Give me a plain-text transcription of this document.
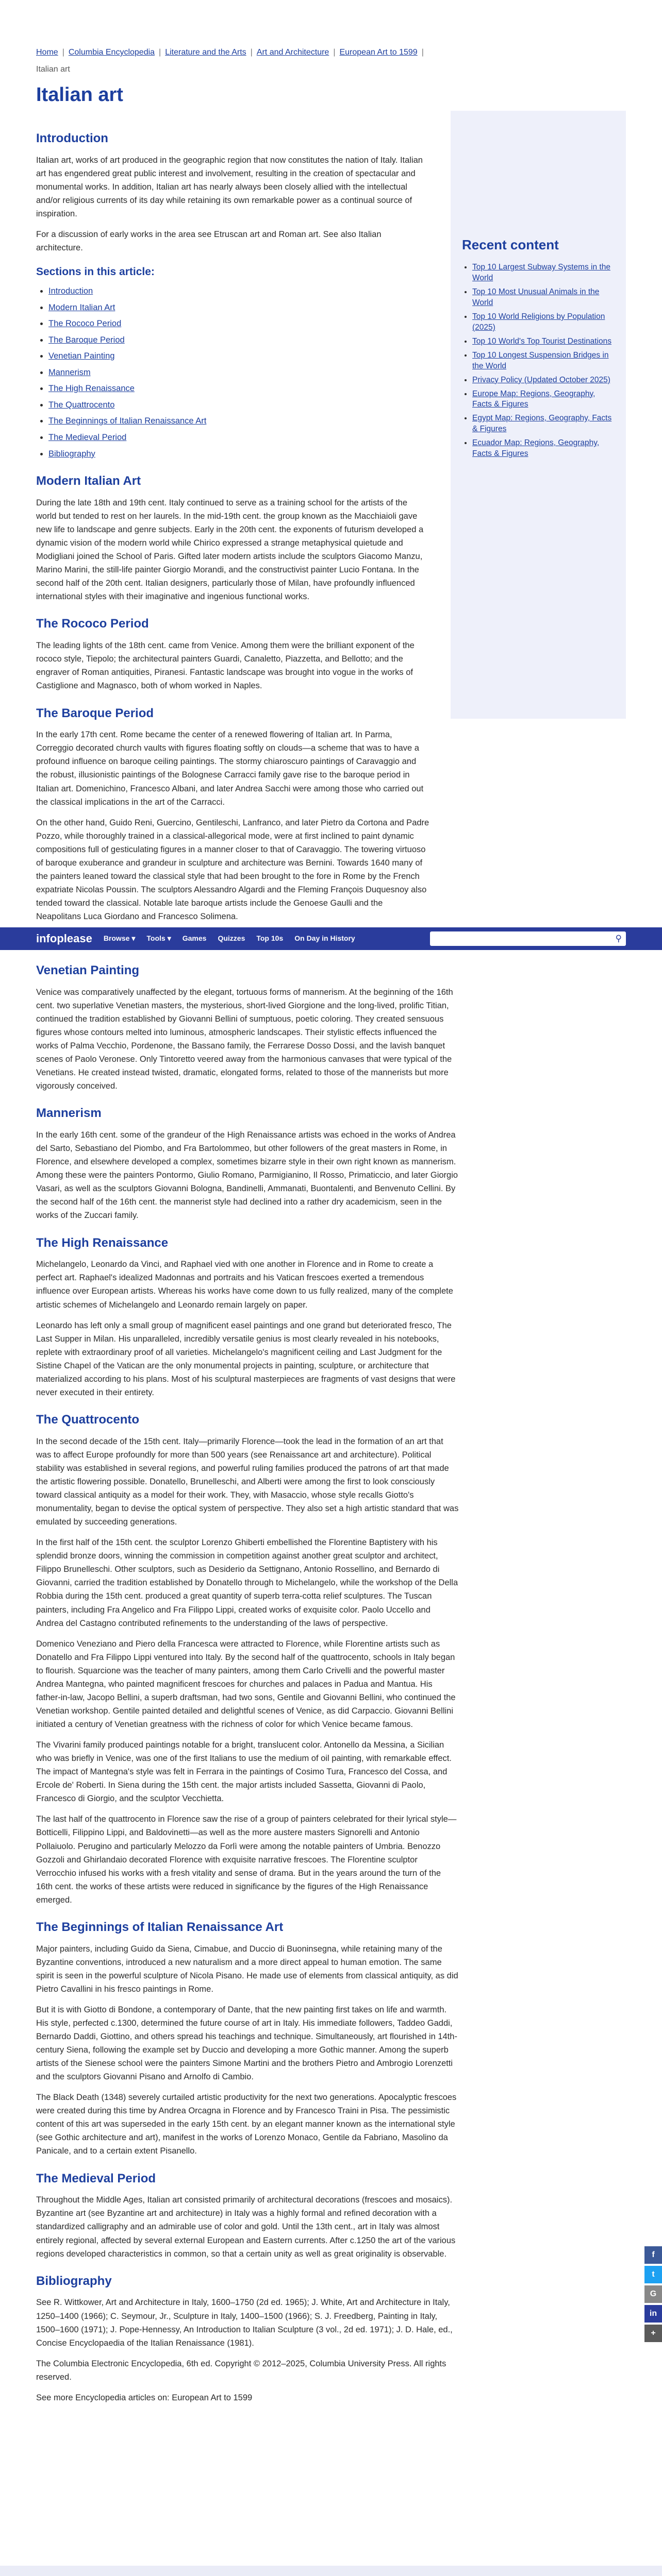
Home | Columbia Encyclopedia | Literature and the Arts | Art and Architecture | European Art to 1599 |
Italian art
Italian art
Introduction

Italian art, works of art produced in the geographic region that now constitutes the nation of Italy. Italian art has engendered great public interest and involvement, resulting in the creation of spectacular and monumental works. In addition, Italian art has nearly always been closely allied with the intellectual and/or religious currents of its day while retaining its own remarkable power as a continual source of inspiration.

For a discussion of early works in the area see Etruscan art and Roman art. See also Italian architecture.

Sections in this article:
• Introduction
• Modern Italian Art
• The Rococo Period
• The Baroque Period
• Venetian Painting
• Mannerism
• The High Renaissance
• The Quattrocento
• The Beginnings of Italian Renaissance Art
• The Medieval Period
• Bibliography
Modern Italian Art

During the late 18th and 19th cent. Italy continued to serve as a training school for the artists of the world but tended to rest on her laurels. In the mid-19th cent. the group known as the Macchiaioli gave new life to landscape and genre subjects. Early in the 20th cent. the exponents of futurism developed a dynamic vision of the modern world while Chirico expressed a strange metaphysical quietude and Modigliani joined the School of Paris. Gifted later modern artists include the sculptors Giacomo Manzu, Marino Marini, the still-life painter Giorgio Morandi, and the constructivist painter Lucio Fontana. In the second half of the 20th cent. Italian designers, particularly those of Milan, have profoundly influenced international styles with their imaginative and ingenious functional works.

The Rococo Period

The leading lights of the 18th cent. came from Venice. Among them were the brilliant exponent of the rococo style, Tiepolo; the architectural painters Guardi, Canaletto, Piazzetta, and Bellotto; and the engraver of Roman antiquities, Piranesi. Fantastic landscape was brought into vogue in the works of Castiglione and Magnasco, both of whom worked in Naples.

The Baroque Period

In the early 17th cent. Rome became the center of a renewed flowering of Italian art. In Parma, Correggio decorated church vaults with figures floating softly on clouds—a scheme that was to have a profound influence on baroque ceiling paintings. The stormy chiaroscuro paintings of Caravaggio and the robust, illusionistic paintings of the Bolognese Carracci family gave rise to the baroque period in Italian art. Domenichino, Francesco Albani, and later Andrea Sacchi were among those who carried out the classical implications in the art of the Carracci.

On the other hand, Guido Reni, Guercino, Gentileschi, Lanfranco, and later Pietro da Cortona and Padre Pozzo, while thoroughly trained in a classical-allegorical mode, were at first inclined to paint dynamic compositions full of gesticulating figures in a manner closer to that of Caravaggio. The towering virtuoso of baroque exuberance and grandeur in sculpture and architecture was Bernini. Towards 1640 many of the painters leaned toward the classical style that had been brought to the fore in Rome by the French expatriate Nicolas Poussin. The sculptors Alessandro Algardi and the Fleming François Duquesnoy also tended toward the classical. Notable late baroque artists include the Genoese Gaulli and the Neapolitans Luca Giordano and Francesco Solimena.

Recent content
• Top 10 Largest Subway Systems in the World
• Top 10 Most Unusual Animals in the World
• Top 10 World Religions by Population (2025)
• Top 10 World's Top Tourist Destinations
• Top 10 Longest Suspension Bridges in the World
• Privacy Policy (Updated October 2025)
• Europe Map: Regions, Geography, Facts & Figures
• Egypt Map: Regions, Geography, Facts & Figures
• Ecuador Map: Regions, Geography, Facts & Figures
infoplease Browse ▾ Tools ▾ Games Quizzes Top 10s On Day in History	⚲
Venetian Painting

Venice was comparatively unaffected by the elegant, tortuous forms of mannerism. At the beginning of the 16th cent. two superlative Venetian masters, the mysterious, short-lived Giorgione and the long-lived, prolific Titian, continued the tradition established by Giovanni Bellini of sumptuous, poetic coloring. They created sensuous figures whose contours melted into luminous, atmospheric landscapes. Their stylistic effects influenced the works of Palma Vecchio, Pordenone, the Bassano family, the Ferrarese Dosso Dossi, and the lavish banquet scenes of Paolo Veronese. Only Tintoretto veered away from the harmonious canvases that were typical of the Venetians. He created instead twisted, dramatic, elongated forms, related to those of the mannerists but more vigorously conceived.

Mannerism

In the early 16th cent. some of the grandeur of the High Renaissance artists was echoed in the works of Andrea del Sarto, Sebastiano del Piombo, and Fra Bartolommeo, but other followers of the great masters in Rome, in Florence, and elsewhere developed a complex, sometimes bizarre style in their own right known as mannerism. Among these were the painters Pontormo, Giulio Romano, Parmigianino, Il Rosso, Primaticcio, and later Giorgio Vasari, as well as the sculptors Giovanni Bologna, Bandinelli, Ammanati, Buontalenti, and Benvenuto Cellini. By the second half of the 16th cent. the mannerist style had declined into a rather dry academicism, seen in the works of the Zuccari family.

The High Renaissance

Michelangelo, Leonardo da Vinci, and Raphael vied with one another in Florence and in Rome to create a perfect art. Raphael's idealized Madonnas and portraits and his Vatican frescoes exerted a tremendous influence over European artists. Whereas his works have come down to us fully realized, many of the complete artistic schemes of Michelangelo and Leonardo remain largely on paper.

Leonardo has left only a small group of magnificent easel paintings and one grand but deteriorated fresco, The Last Supper in Milan. His unparalleled, incredibly versatile genius is most clearly revealed in his notebooks, replete with extraordinary proof of all varieties. Michelangelo's magnificent ceiling and Last Judgment for the Sistine Chapel of the Vatican are the only monumental projects in painting, sculpture, or architecture that materialized according to his plans. Most of his sculptural masterpieces are fragments of vast designs that were never executed in their entirety.

The Quattrocento

In the second decade of the 15th cent. Italy—primarily Florence—took the lead in the formation of an art that was to affect Europe profoundly for more than 500 years (see Renaissance art and architecture). Political stability was established in several regions, and powerful ruling families produced the patrons of art that made the artistic flowering possible. Donatello, Brunelleschi, and Alberti were among the first to look consciously toward classical antiquity as a model for their work. They, with Masaccio, whose style recalls Giotto's monumentality, began to devise the optical system of perspective. They also set a high artistic standard that was emulated by succeeding generations.

In the first half of the 15th cent. the sculptor Lorenzo Ghiberti embellished the Florentine Baptistery with his splendid bronze doors, winning the commission in competition against another great sculptor and architect, Filippo Brunelleschi. Other sculptors, such as Desiderio da Settignano, Antonio Rossellino, and Bernardo di Giovanni, carried the tradition established by Donatello through to Michelangelo, while the workshop of the Della Robbia during the 15th cent. produced a great quantity of superb terra-cotta relief sculptures. The Tuscan painters, including Fra Angelico and Fra Filippo Lippi, created works of exquisite color. Paolo Uccello and Andrea del Castagno contributed refinements to the understanding of the laws of perspective.

Domenico Veneziano and Piero della Francesca were attracted to Florence, while Florentine artists such as Donatello and Fra Filippo Lippi ventured into Italy. By the second half of the quattrocento, schools in Italy began to flourish. Squarcione was the teacher of many painters, among them Carlo Crivelli and the powerful master Andrea Mantegna, who painted magnificent frescoes for churches and palaces in Padua and Mantua. His father-in-law, Jacopo Bellini, a superb draftsman, had two sons, Gentile and Giovanni Bellini, who continued the Venetian workshop. Gentile painted detailed and delightful scenes of Venice, as did Carpaccio. Giovanni Bellini initiated a century of Venetian greatness with the richness of color for which Venice became famous.

The Vivarini family produced paintings notable for a bright, translucent color. Antonello da Messina, a Sicilian who was briefly in Venice, was one of the first Italians to use the medium of oil painting, with remarkable effect. The impact of Mantegna's style was felt in Ferrara in the paintings of Cosimo Tura, Francesco del Cossa, and Ercole de' Roberti. In Siena during the 15th cent. the major artists included Sassetta, Giovanni di Paolo, Francesco di Giorgio, and the sculptor Vecchietta.

The last half of the quattrocento in Florence saw the rise of a group of painters celebrated for their lyrical style—Botticelli, Filippino Lippi, and Baldovinetti—as well as the more austere masters Signorelli and Antonio Pollaiuolo. Perugino and particularly Melozzo da Forlì were among the notable painters of Umbria. Benozzo Gozzoli and Ghirlandaio decorated Florence with exquisite narrative frescoes. The Florentine sculptor Verrocchio infused his works with a fresh vitality and sense of drama. But in the years around the turn of the 16th cent. the works of these artists were reduced in significance by the figures of the High Renaissance emerged.

The Beginnings of Italian Renaissance Art

Major painters, including Guido da Siena, Cimabue, and Duccio di Buoninsegna, while retaining many of the Byzantine conventions, introduced a new naturalism and a more direct appeal to human emotion. The same spirit is seen in the powerful sculpture of Nicola Pisano. He made use of elements from classical antiquity, as did Pietro Cavallini in his fresco paintings in Rome.

But it is with Giotto di Bondone, a contemporary of Dante, that the new painting first takes on life and warmth. His style, perfected c.1300, determined the future course of art in Italy. His immediate followers, Taddeo Gaddi, Bernardo Daddi, Giottino, and others spread his teachings and technique. Simultaneously, art flourished in 14th-century Siena, following the example set by Duccio and developing a more Gothic manner. Among the superb artists of the Sienese school were the painters Simone Martini and the brothers Pietro and Ambrogio Lorenzetti and the sculptors Giovanni Pisano and Arnolfo di Cambio.

The Black Death (1348) severely curtailed artistic productivity for the next two generations. Apocalyptic frescoes were created during this time by Andrea Orcagna in Florence and by Francesco Traini in Pisa. The pessimistic content of this art was superseded in the early 15th cent. by an elegant manner known as the international style (see Gothic architecture and art), manifest in the works of Lorenzo Monaco, Gentile da Fabriano, Masolino da Panicale, and to a certain extent Pisanello.

The Medieval Period

Throughout the Middle Ages, Italian art consisted primarily of architectural decorations (frescoes and mosaics). Byzantine art (see Byzantine art and architecture) in Italy was a highly formal and refined decoration with a standardized calligraphy and an admirable use of color and gold. Until the 13th cent., art in Italy was almost entirely regional, affected by several external European and Eastern currents. After c.1250 the art of the various regions developed characteristics in common, so that a certain unity as well as great originality is observable.

Bibliography

See R. Wittkower, Art and Architecture in Italy, 1600–1750 (2d ed. 1965); J. White, Art and Architecture in Italy, 1250–1400 (1966); C. Seymour, Jr., Sculpture in Italy, 1400–1500 (1966); S. J. Freedberg, Painting in Italy, 1500–1600 (1971); J. Pope-Hennessy, An Introduction to Italian Sculpture (3 vol., 2d ed. 1971); J. D. Hale, ed., Concise Encyclopaedia of the Italian Renaissance (1981).

The Columbia Electronic Encyclopedia, 6th ed. Copyright © 2012–2025, Columbia University Press. All rights reserved.

See more Encyclopedia articles on: European Art to 1599

f
t
G
in
+
